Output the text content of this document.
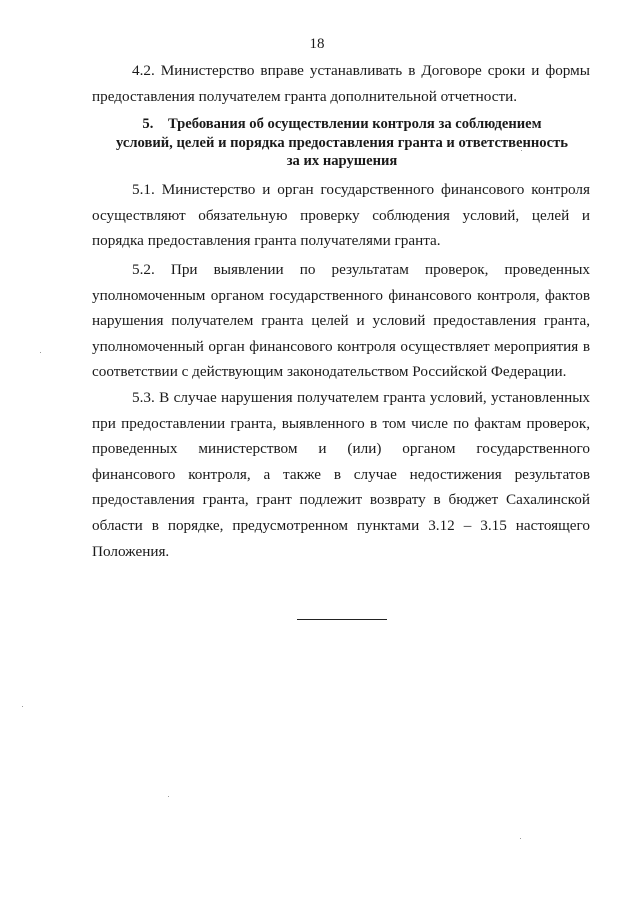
18

4.2. Министерство вправе устанавливать в Договоре сроки и формы предоставления получателем гранта дополнительной отчетности.

5. Требования об осуществлении контроля за соблюдением
условий, целей и порядка предоставления гранта и ответственность
за их нарушения

5.1. Министерство и орган государственного финансового контроля осуществляют обязательную проверку соблюдения условий, целей и порядка предоставления гранта получателями гранта.

5.2. При выявлении по результатам проверок, проведенных уполномоченным органом государственного финансового контроля, фактов нарушения получателем гранта целей и условий предоставления гранта, уполномоченный орган финансового контроля осуществляет мероприятия в соответствии с действующим законодательством Российской Федерации.

5.3. В случае нарушения получателем гранта условий, установленных при предоставлении гранта, выявленного в том числе по фактам проверок, проведенных министерством и (или) органом государственного финансового контроля, а также в случае недостижения результатов предоставления гранта, грант подлежит возврату в бюджет Сахалинской области в порядке, предусмотренном пунктами 3.12 – 3.15 настоящего Положения.
